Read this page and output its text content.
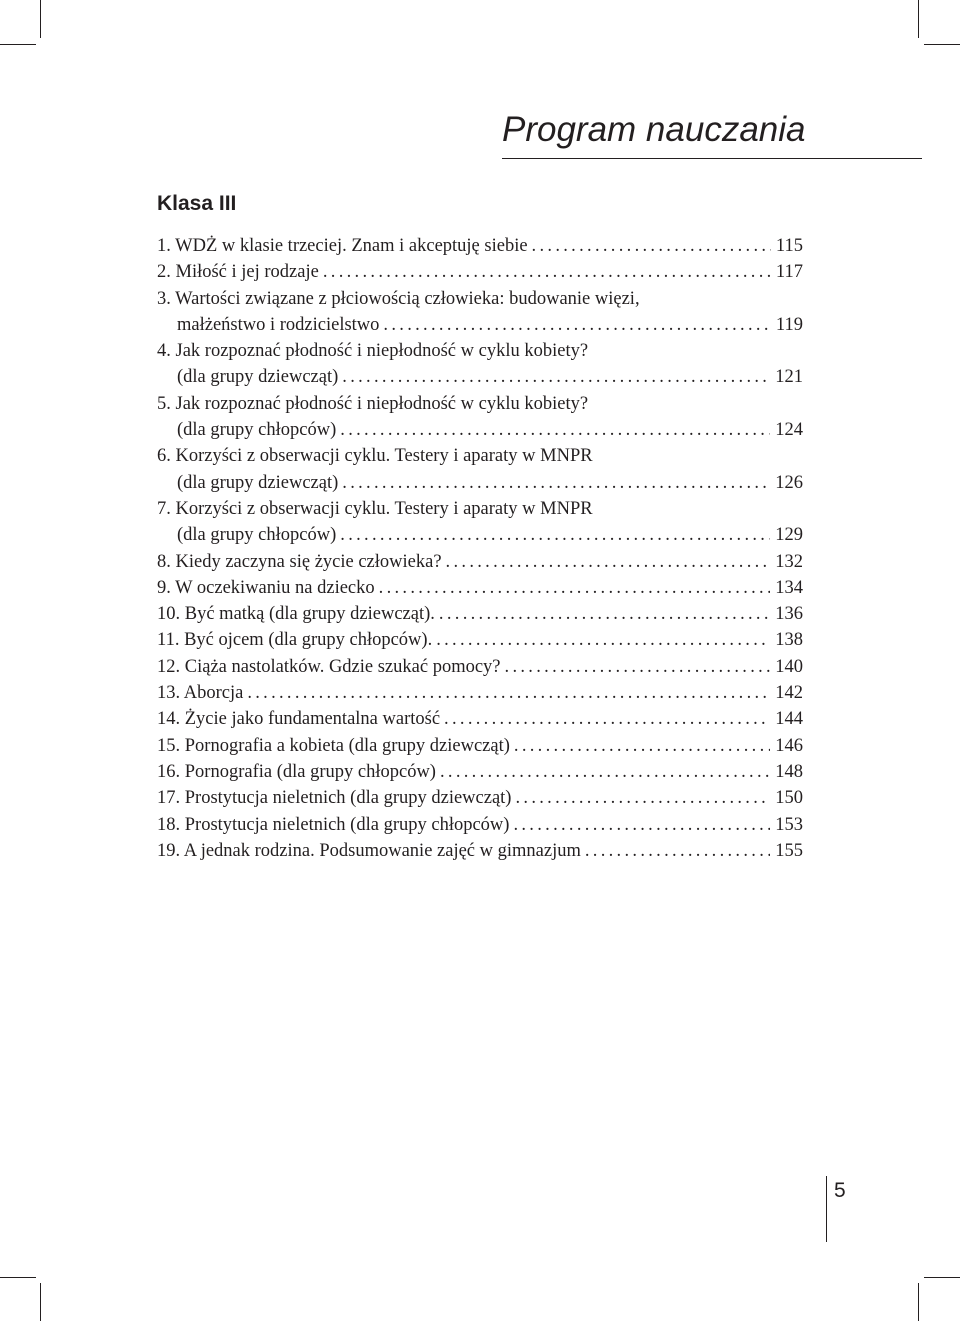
Program nauczania
Klasa III
1. WDŻ w klasie trzeciej. Znam i akceptuję siebie .....	115
2. Miłość i jej rodzaje .....	117
3. Wartości związane z płciowością człowieka: budowanie więzi,
małżeństwo i rodzicielstwo .....	119
4. Jak rozpoznać płodność i niepłodność w cyklu kobiety?
(dla grupy dziewcząt) .....	121
5. Jak rozpoznać płodność i niepłodność w cyklu kobiety?
(dla grupy chłopców) .....	124
6. Korzyści z obserwacji cyklu. Testery i aparaty w MNPR
(dla grupy dziewcząt) .....	126
7. Korzyści z obserwacji cyklu. Testery i aparaty w MNPR
(dla grupy chłopców) .....	129
8. Kiedy zaczyna się życie człowieka? .....	132
9. W oczekiwaniu na dziecko .....	134
10. Być matką (dla grupy dziewcząt). .....	136
11. Być ojcem (dla grupy chłopców). .....	138
12. Ciąża nastolatków. Gdzie szukać pomocy? .....	140
13. Aborcja .....	142
14. Życie jako fundamentalna wartość .....	144
15. Pornografia a kobieta (dla grupy dziewcząt) .....	146
16. Pornografia (dla grupy chłopców) .....	148
17. Prostytucja nieletnich (dla grupy dziewcząt) .....	150
18. Prostytucja nieletnich (dla grupy chłopców) .....	153
19. A jednak rodzina. Podsumowanie zajęć w gimnazjum .....	155
5
